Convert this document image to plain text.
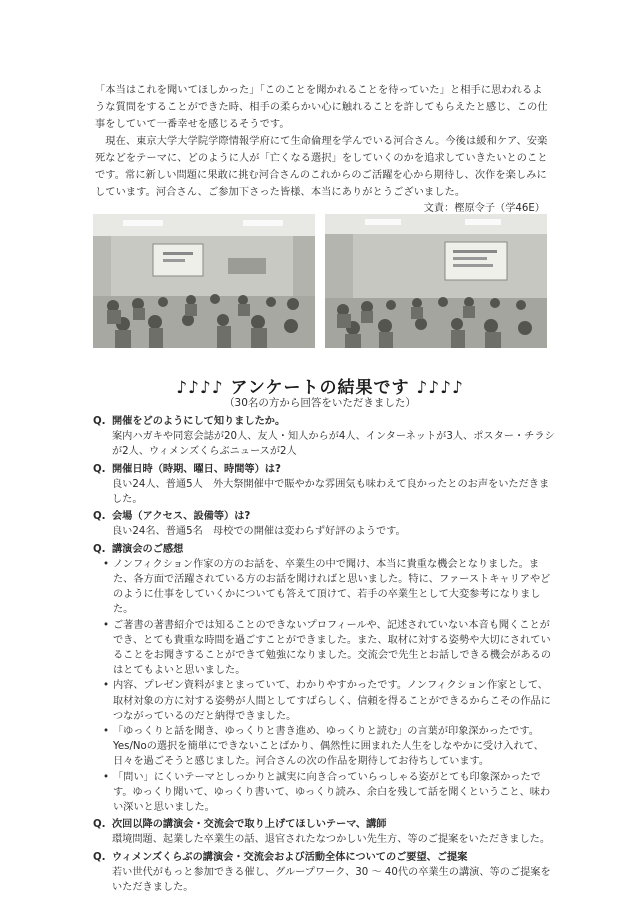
「本当はこれを聞いてほしかった」「このことを聞かれることを待っていた」と相手に思われるような質問をすることができた時、相手の柔らかい心に触れることを許してもらえたと感じ、この仕事をしていて一番幸せを感じるそうです。

　現在、東京大学大学院学際情報学府にて生命倫理を学んでいる河合さん。今後は緩和ケア、安楽死などをテーマに、どのように人が「亡くなる選択」をしていくのかを追求していきたいとのことです。常に新しい問題に果敢に挑む河合さんのこれからのご活躍を心から期待し、次作を楽しみにしています。河合さん、ご参加下さった皆様、本当にありがとうございました。

文責：樫原令子（学46E）
♪♪♪♪ アンケートの結果です ♪♪♪♪
（30名の方から回答をいただきました）
Q. 開催をどのようにして知りましたか。
案内ハガキや同窓会誌が20人、友人・知人からが4人、インターネットが3人、ポスター・チラシが2人、ウィメンズくらぶニュースが2人
Q. 開催日時（時期、曜日、時間等）は?
良い24人、普通5人　外大祭開催中で賑やかな雰囲気も味わえて良かったとのお声をいただきました。
Q. 会場（アクセス、設備等）は?
良い24名、普通5名　母校での開催は変わらず好評のようです。
Q. 講演会のご感想
• ノンフィクション作家の方のお話を、卒業生の中で聞け、本当に貴重な機会となりました。また、各方面で活躍されている方のお話を聞ければと思いました。特に、ファーストキャリアやどのように仕事をしていくかについても答えて頂けて、若手の卒業生として大変参考になりました。
• ご著書の著書紹介では知ることのできないプロフィールや、記述されていない本音も聞くことができ、とても貴重な時間を過ごすことができました。また、取材に対する姿勢や大切にされていることをお聞きすることができて勉強になりました。交流会で先生とお話しできる機会があるのはとてもよいと思いました。
• 内容、プレゼン資料がまとまっていて、わかりやすかったです。ノンフィクション作家として、取材対象の方に対する姿勢が人間としてすばらしく、信頼を得ることができるからこその作品につながっているのだと納得できました。
• 「ゆっくりと話を聞き、ゆっくりと書き進め、ゆっくりと読む」の言葉が印象深かったです。Yes/Noの選択を簡単にできないことばかり、偶然性に囲まれた人生をしなやかに受け入れて、日々を過ごそうと感じました。河合さんの次の作品を期待してお待ちしています。
• 「問い」にくいテーマとしっかりと誠実に向き合っていらっしゃる姿がとても印象深かったです。ゆっくり聞いて、ゆっくり書いて、ゆっくり読み、余白を残して話を聞くということ、味わい深いと思いました。
Q. 次回以降の講演会・交流会で取り上げてほしいテーマ、講師
環境問題、起業した卒業生の話、退官されたなつかしい先生方、等のご提案をいただきました。
Q. ウィメンズくらぶの講演会・交流会および活動全体についてのご要望、ご提案
若い世代がもっと参加できる催し、グループワーク、30 ～ 40代の卒業生の講演、等のご提案をいただきました。
